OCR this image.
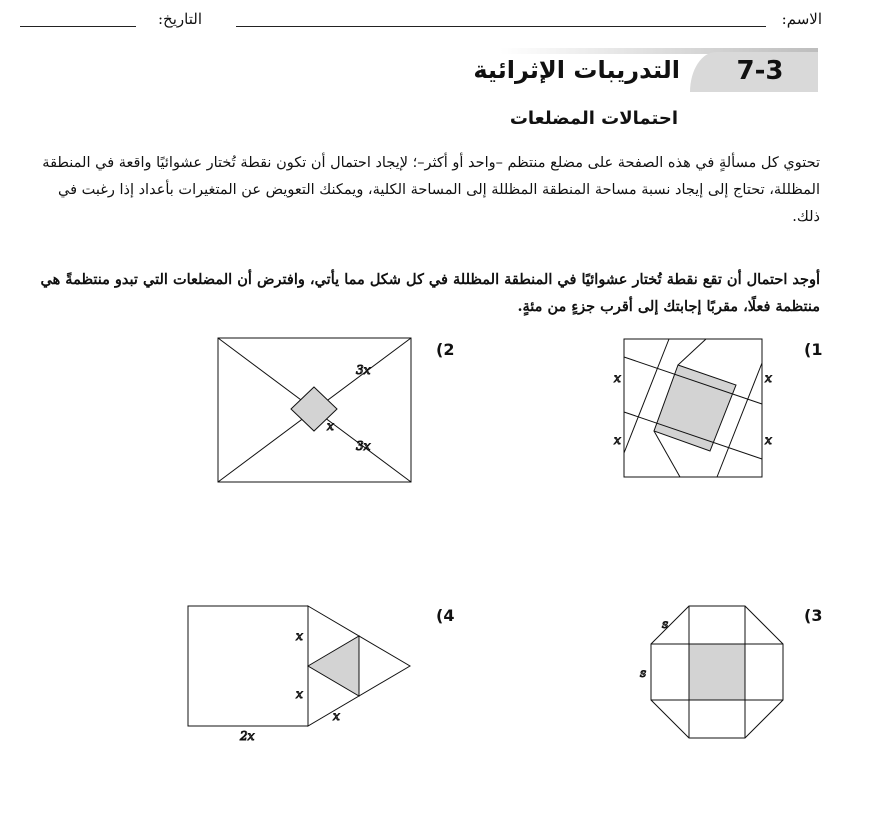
الاسم:
التاريخ:
7-3
التدريبات الإثرائية
احتمالات المضلعات
تحتوي كل مسألةٍ في هذه الصفحة على مضلع منتظم –واحد أو أكثر–؛ لإيجاد احتمال أن تكون نقطة تُختار عشوائيًا واقعة في المنطقة المظللة، تحتاج إلى إيجاد نسبة مساحة المنطقة المظللة إلى المساحة الكلية، ويمكنك التعويض عن المتغيرات بأعداد إذا رغبت في ذلك.
أوجد احتمال أن تقع نقطة تُختار عشوائيًا في المنطقة المظللة في كل شكل مما يأتي، وافترض أن المضلعات التي تبدو منتظمةً هي منتظمة فعلًا، مقربًا إجابتك إلى أقرب جزءٍ من مئةٍ.
(1
(2
(3
(4
x
x
x
x
3x
x
3x
s
s
x
x
x
2x
